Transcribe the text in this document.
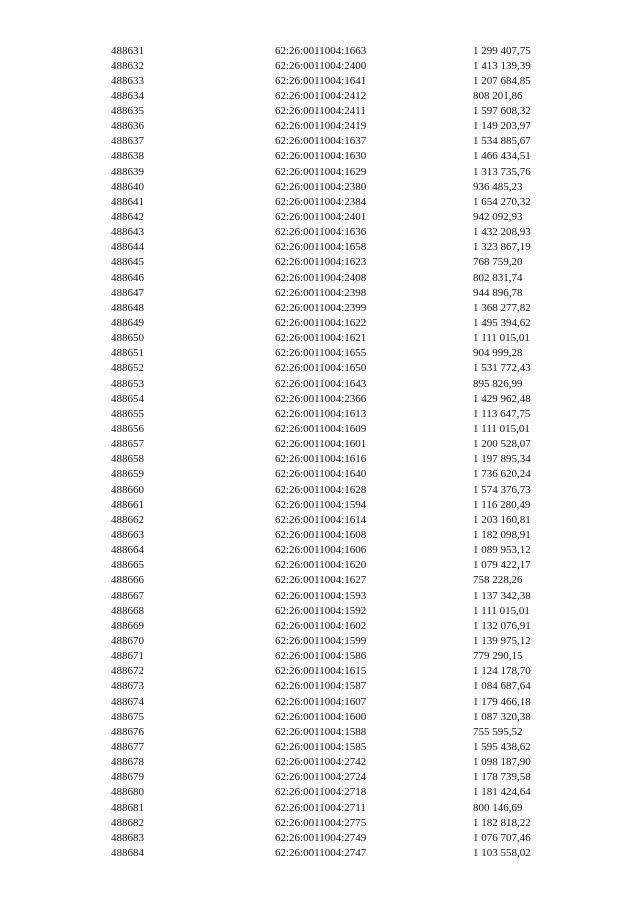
488631	62:26:0011004:1663	1 299 407,75
488632	62:26:0011004:2400	1 413 139,39
488633	62:26:0011004:1641	1 207 684,85
488634	62:26:0011004:2412	808 201,86
488635	62:26:0011004:2411	1 597 608,32
488636	62:26:0011004:2419	1 149 203,97
488637	62:26:0011004:1637	1 534 885,67
488638	62:26:0011004:1630	1 466 434,51
488639	62:26:0011004:1629	1 313 735,76
488640	62:26:0011004:2380	936 485,23
488641	62:26:0011004:2384	1 654 270,32
488642	62:26:0011004:2401	942 092,93
488643	62:26:0011004:1636	1 432 208,93
488644	62:26:0011004:1658	1 323 867,19
488645	62:26:0011004:1623	768 759,20
488646	62:26:0011004:2408	802 831,74
488647	62:26:0011004:2398	944 896,78
488648	62:26:0011004:2399	1 368 277,82
488649	62:26:0011004:1622	1 495 394,62
488650	62:26:0011004:1621	1 111 015,01
488651	62:26:0011004:1655	904 999,28
488652	62:26:0011004:1650	1 531 772,43
488653	62:26:0011004:1643	895 826,99
488654	62:26:0011004:2366	1 429 962,48
488655	62:26:0011004:1613	1 113 647,75
488656	62:26:0011004:1609	1 111 015,01
488657	62:26:0011004:1601	1 200 528,07
488658	62:26:0011004:1616	1 197 895,34
488659	62:26:0011004:1640	1 736 620,24
488660	62:26:0011004:1628	1 574 376,73
488661	62:26:0011004:1594	1 116 280,49
488662	62:26:0011004:1614	1 203 160,81
488663	62:26:0011004:1608	1 182 098,91
488664	62:26:0011004:1606	1 089 953,12
488665	62:26:0011004:1620	1 079 422,17
488666	62:26:0011004:1627	758 228,26
488667	62:26:0011004:1593	1 137 342,38
488668	62:26:0011004:1592	1 111 015,01
488669	62:26:0011004:1602	1 132 076,91
488670	62:26:0011004:1599	1 139 975,12
488671	62:26:0011004:1586	779 290,15
488672	62:26:0011004:1615	1 124 178,70
488673	62:26:0011004:1587	1 084 687,64
488674	62:26:0011004:1607	1 179 466,18
488675	62:26:0011004:1600	1 087 320,38
488676	62:26:0011004:1588	755 595,52
488677	62:26:0011004:1585	1 595 438,62
488678	62:26:0011004:2742	1 098 187,90
488679	62:26:0011004:2724	1 178 739,58
488680	62:26:0011004:2718	1 181 424,64
488681	62:26:0011004:2711	800 146,69
488682	62:26:0011004:2775	1 182 818,22
488683	62:26:0011004:2749	1 076 707,46
488684	62:26:0011004:2747	1 103 558,02
